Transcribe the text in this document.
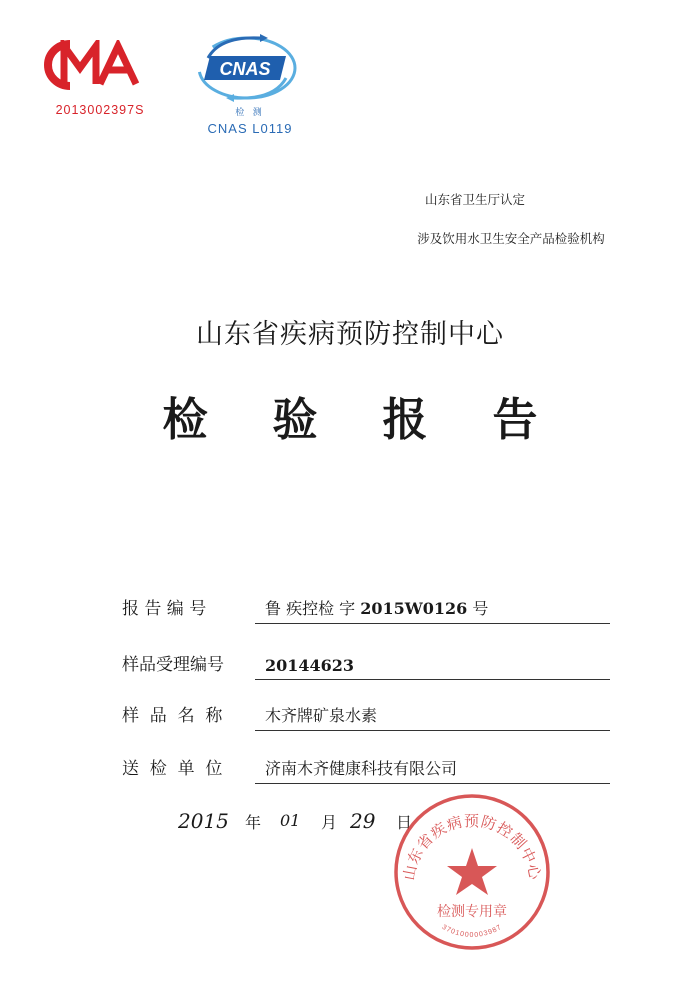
2013002397S
CNAS
检 测
CNAS L0119
山东省卫生厅认定
涉及饮用水卫生安全产品检验机构
山东省疾病预防控制中心
检验报告
报 告 编 号	鲁 疾控检 字 2015W0126 号
样品受理编号	20144623
样  品  名  称	木齐牌矿泉水素
送  检  单  位	济南木齐健康科技有限公司
2015 年 01 月 29 日
山东省疾病预防控制中心
检测专用章
3701000003987
